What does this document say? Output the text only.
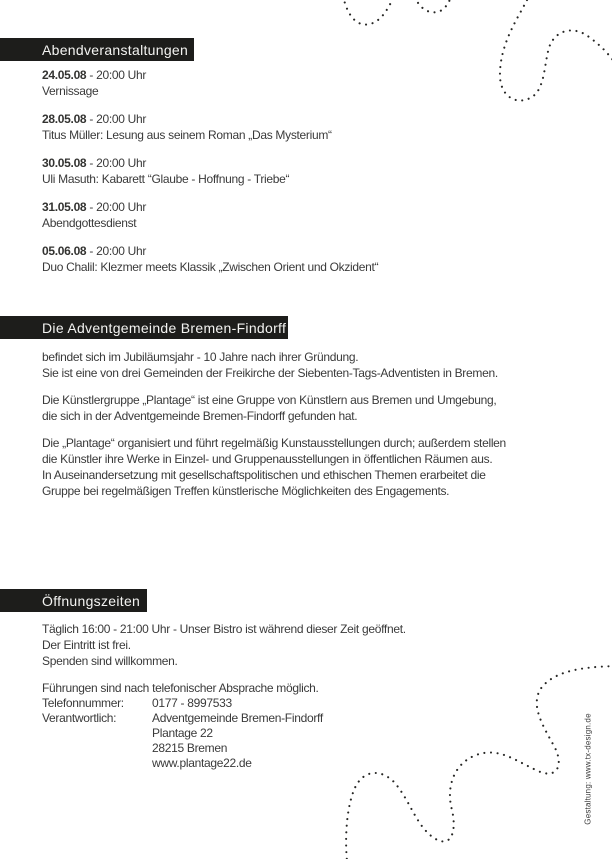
Abendveranstaltungen
24.05.08 - 20:00 Uhr
Vernissage
28.05.08 - 20:00 Uhr
Titus Müller: Lesung aus seinem Roman „Das Mysterium“
30.05.08 - 20:00 Uhr
Uli Masuth: Kabarett “Glaube - Hoffnung - Triebe“
31.05.08 - 20:00 Uhr
Abendgottesdienst
05.06.08 - 20:00 Uhr
Duo Chalil: Klezmer meets Klassik „Zwischen Orient und Okzident“
Die Adventgemeinde Bremen-Findorff
befindet sich im Jubiläumsjahr - 10 Jahre nach ihrer Gründung.
Sie ist eine von drei Gemeinden der Freikirche der Siebenten-Tags-Adventisten in Bremen.
Die Künstlergruppe „Plantage“ ist eine Gruppe von Künstlern aus Bremen und Umgebung,
die sich in der Adventgemeinde Bremen-Findorff gefunden hat.
Die „Plantage“ organisiert und führt regelmäßig Kunstausstellungen durch; außerdem stellen
die Künstler ihre Werke in Einzel- und Gruppenausstellungen in öffentlichen Räumen aus.
In Auseinandersetzung mit gesellschaftspolitischen und ethischen Themen erarbeitet die
Gruppe bei regelmäßigen Treffen künstlerische Möglichkeiten des Engagements.
Öffnungszeiten
Täglich 16:00 - 21:00 Uhr - Unser Bistro ist während dieser Zeit geöffnet.
Der Eintritt ist frei.
Spenden sind willkommen.
Führungen sind nach telefonischer Absprache möglich.
Telefonnummer:	0177 - 8997533
Verantwortlich:	Adventgemeinde Bremen-Findorff
Plantage 22
28215 Bremen
www.plantage22.de	Gestaltung: www.tx-design.de
